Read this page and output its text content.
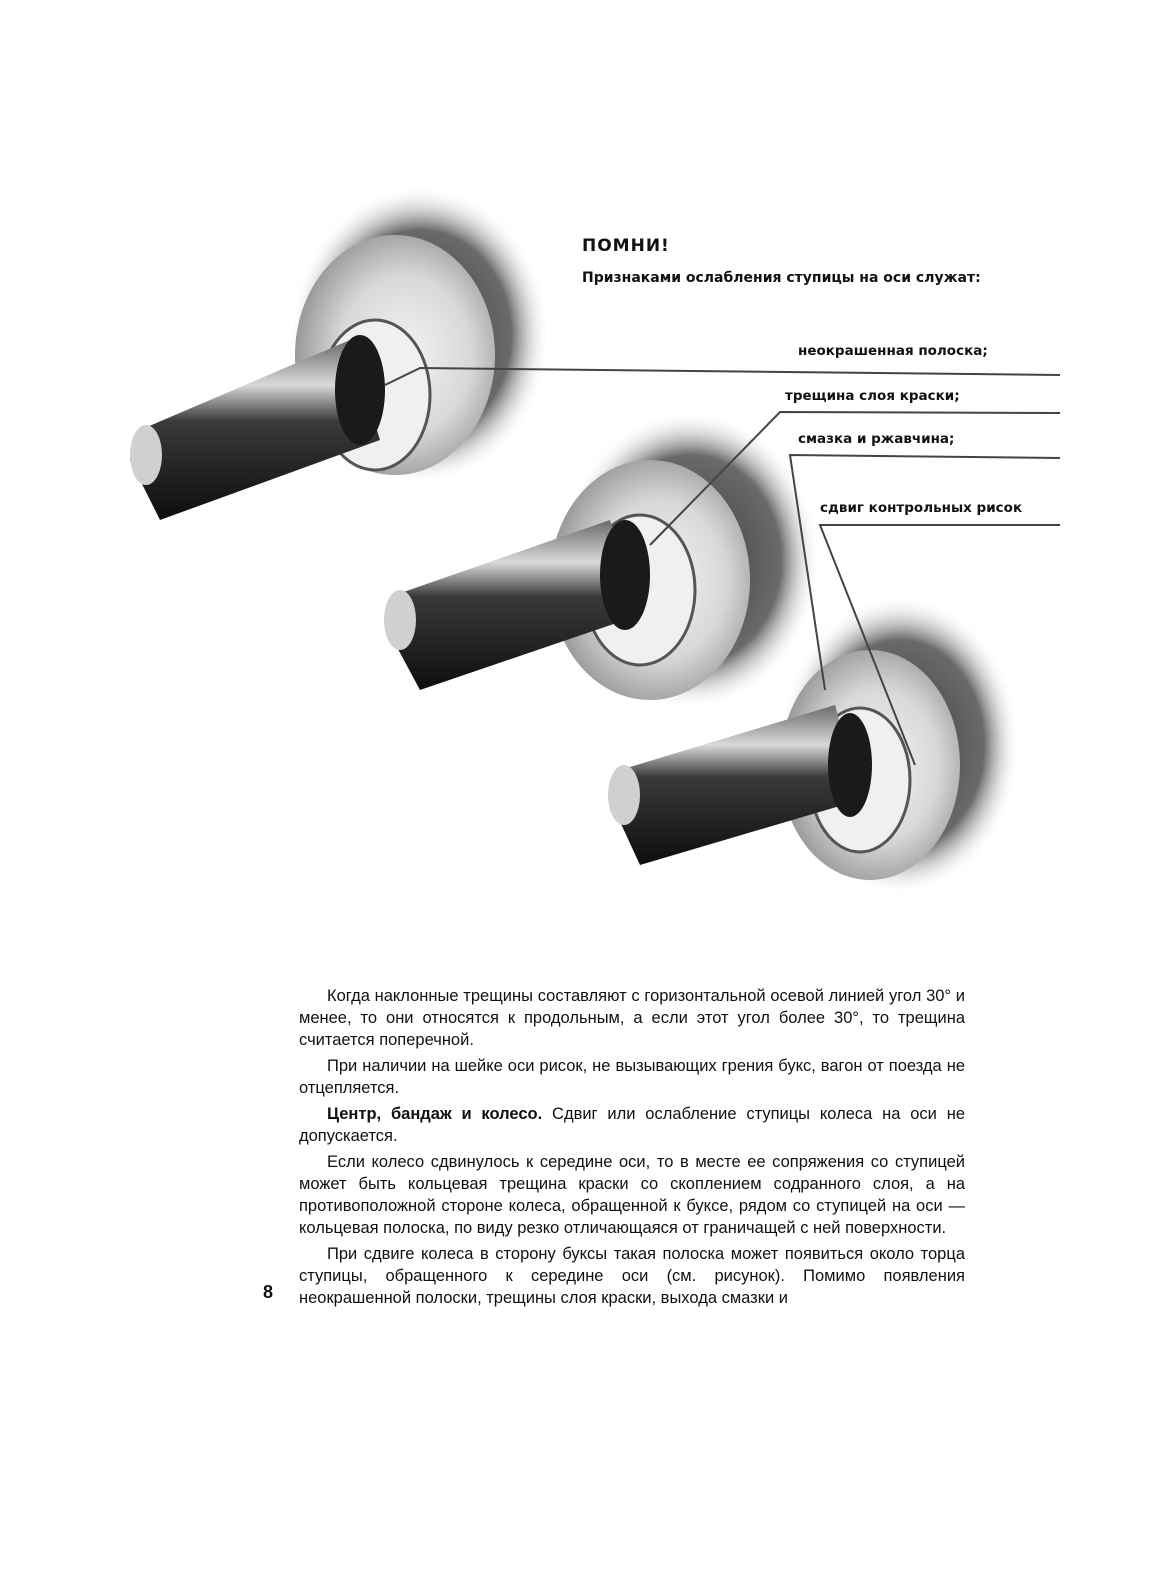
ПОМНИ!
Признаками ослабления ступицы на оси служат:
неокрашенная полоска;
трещина слоя краски;
смазка и ржавчина;
сдвиг контрольных рисок

Когда наклонные трещины составляют с горизонтальной осевой линией угол 30° и менее, то они относятся к продольным, а если этот угол более 30°, то трещина считается поперечной.

При наличии на шейке оси рисок, не вызывающих грения букс, вагон от поезда не отцепляется.

Центр, бандаж и колесо. Сдвиг или ослабление ступицы колеса на оси не допускается.

Если колесо сдвинулось к середине оси, то в месте ее сопряжения со ступицей может быть кольцевая трещина краски со скоплением содранного слоя, а на противоположной стороне колеса, обращенной к буксе, рядом со ступицей на оси — кольцевая полоска, по виду резко отличающаяся от граничащей с ней поверхности.

При сдвиге колеса в сторону буксы такая полоска может появиться около торца ступицы, обращенного к середине оси (см. рисунок). Помимо появления неокрашенной полоски, трещины слоя краски, выхода смазки и

8
